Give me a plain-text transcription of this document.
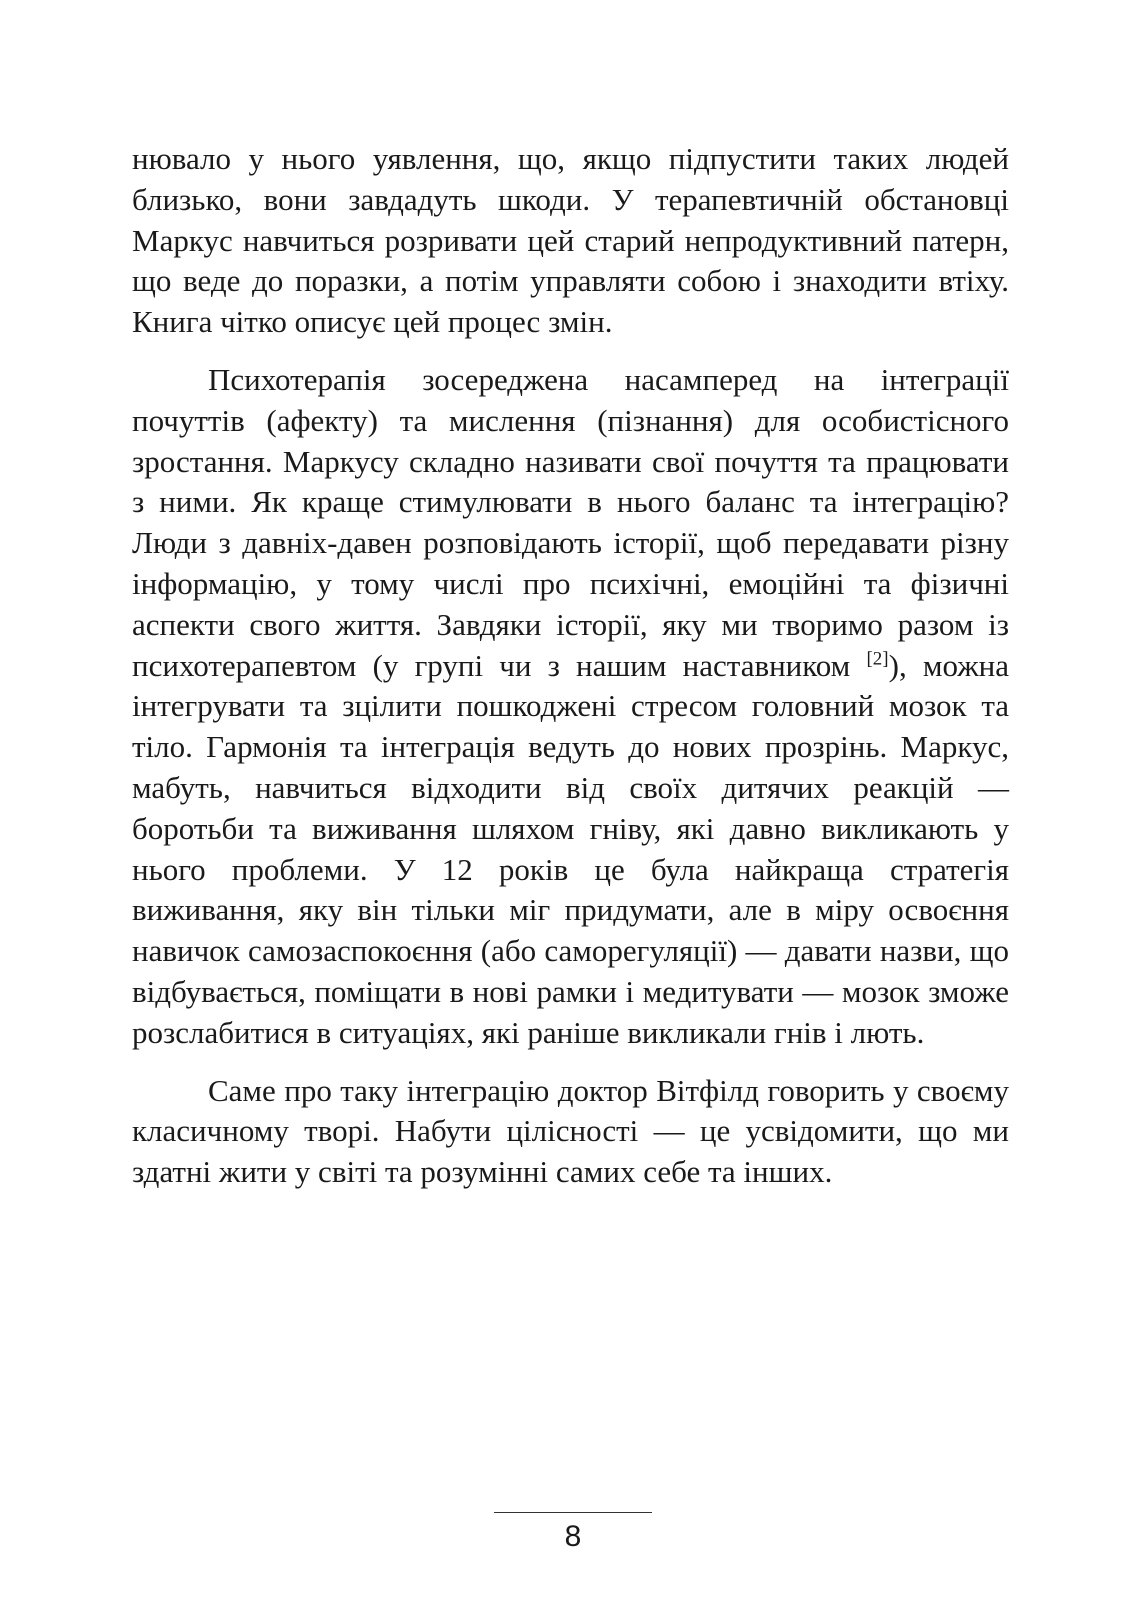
нювало у нього уявлення, що, якщо підпустити таких людей близько, вони завдадуть шкоди. У терапевтичній обстановці Маркус навчиться розривати цей старий непродуктивний патерн, що веде до поразки, а потім управляти собою і знаходити втіху. Книга чітко описує цей процес змін.

Психотерапія зосереджена насамперед на інтеграції почуттів (афекту) та мислення (пізнання) для особистісного зростання. Маркусу складно називати свої почуття та працювати з ними. Як краще стимулювати в нього баланс та інтеграцію? Люди з давніх-давен розповідають історії, щоб передавати різну інформацію, у тому числі про психічні, емоційні та фізичні аспекти свого життя. Завдяки історії, яку ми творимо разом із психотерапевтом (у групі чи з нашим наставником [2]), можна інтегрувати та зцілити пошкоджені стресом головний мозок та тіло. Гармонія та інтеграція ведуть до нових прозрінь. Маркус, мабуть, навчиться відходити від своїх дитячих реакцій — боротьби та виживання шляхом гніву, які давно викликають у нього проблеми. У 12 років це була найкраща стратегія виживання, яку він тільки міг придумати, але в міру освоєння навичок самозаспокоєння (або саморегуляції) — давати назви, що відбувається, поміщати в нові рамки і медитувати — мозок зможе розслабитися в ситуаціях, які раніше викликали гнів і лють.

Саме про таку інтеграцію доктор Вітфілд говорить у своєму класичному творі. Набути цілісності — це усвідомити, що ми здатні жити у світі та розумінні самих себе та інших.

8
